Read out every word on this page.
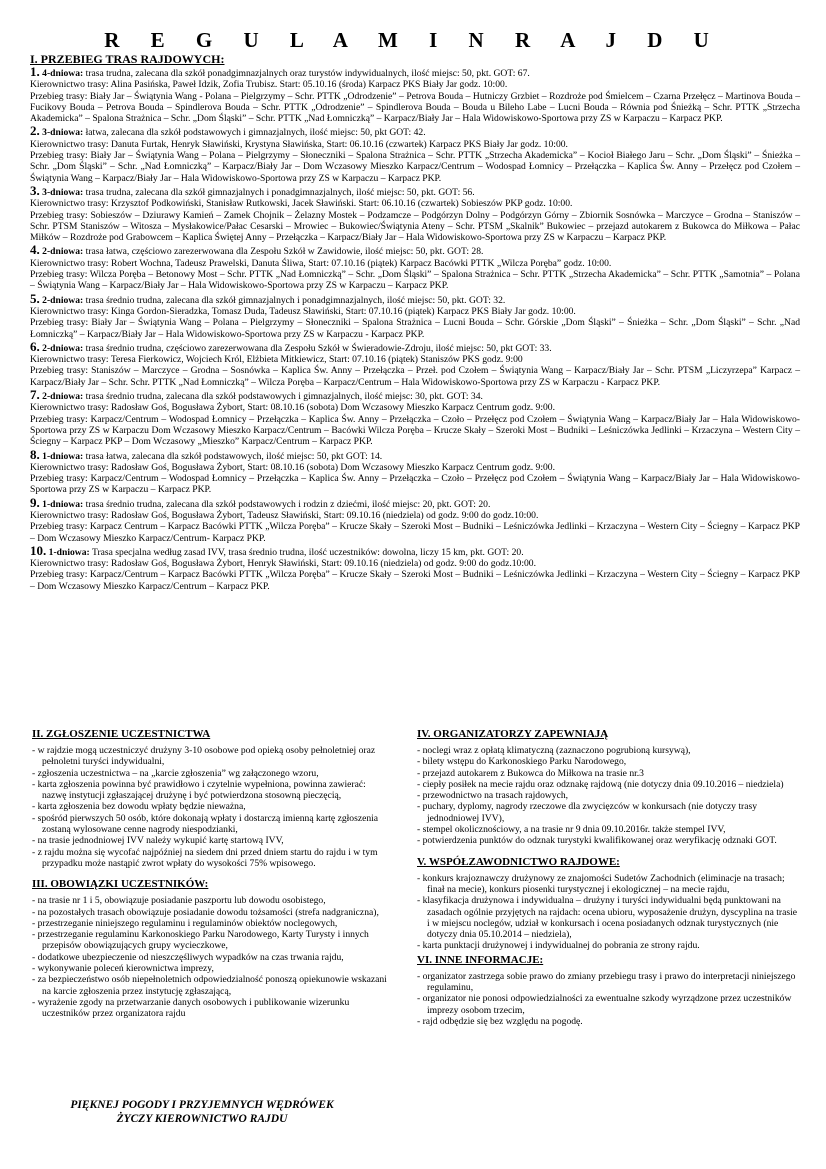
R E G U L A M I N R A J D U

I. PRZEBIEG TRAS RAJDOWYCH:

1. 4-dniowa: trasa trudna, zalecana dla szkół ponadgimnazjalnych oraz turystów indywidualnych, ilość miejsc: 50, pkt. GOT: 67.
Kierownictwo trasy: Alina Pasińska, Paweł Idzik, Zofia Trubisz. Start: 05.10.16 (środa) Karpacz PKS Biały Jar godz. 10:00.
Przebieg trasy: Biały Jar – Świątynia Wang - Polana – Pielgrzymy – Schr. PTTK „Odrodzenie” – Petrova Bouda – Hutniczy Grzbiet – Rozdroże pod Śmielcem – Czarna Przełęcz – Martinova Bouda – Fucikovy Bouda – Petrova Bouda – Spindlerova Bouda – Schr. PTTK „Odrodzenie” – Spindlerova Bouda – Bouda u Bileho Labe – Lucni Bouda – Równia pod Śnieżką – Schr. PTTK „Strzecha Akademicka” – Spalona Strażnica – Schr. „Dom Śląski” – Schr. PTTK „Nad Łomniczką” – Karpacz/Biały Jar – Hala Widowiskowo-Sportowa przy ZS w Karpaczu – Karpacz PKP.

2. 3-dniowa: łatwa, zalecana dla szkół podstawowych i gimnazjalnych, ilość miejsc: 50, pkt GOT: 42.
Kierownictwo trasy: Danuta Furtak, Henryk Sławiński, Krystyna Sławińska, Start: 06.10.16 (czwartek) Karpacz PKS Biały Jar godz. 10:00.
Przebieg trasy: Biały Jar – Świątynia Wang – Polana – Pielgrzymy – Słoneczniki – Spalona Strażnica – Schr. PTTK „Strzecha Akademicka” – Kocioł Białego Jaru – Schr. „Dom Śląski” – Śnieżka – Schr. „Dom Śląski” – Schr. „Nad Łomniczką” – Karpacz/Biały Jar – Dom Wczasowy Mieszko Karpacz/Centrum – Wodospad Łomnicy – Przełączka – Kaplica Św. Anny – Przełęcz pod Czołem – Świątynia Wang – Karpacz/Biały Jar – Hala Widowiskowo-Sportowa przy ZS w Karpaczu – Karpacz PKP.

3. 3-dniowa: trasa trudna, zalecana dla szkół gimnazjalnych i ponadgimnazjalnych, ilość miejsc: 50, pkt. GOT: 56.
Kierownictwo trasy: Krzysztof Podkowiński, Stanisław Rutkowski, Jacek Sławiński. Start: 06.10.16 (czwartek) Sobieszów PKP godz. 10:00.
Przebieg trasy: Sobieszów – Dziurawy Kamień – Zamek Chojnik – Żelazny Mostek – Podzamcze – Podgórzyn Dolny – Podgórzyn Górny – Zbiornik Sosnówka – Marczyce – Grodna – Staniszów – Schr. PTSM Staniszów – Witosza – Mysłakowice/Pałac Cesarski – Mrowiec – Bukowiec/Świątynia Ateny – Schr. PTSM „Skalnik” Bukowiec – przejazd autokarem z Bukowca do Miłkowa – Pałac Miłków – Rozdroże pod Grabowcem – Kaplica Świętej Anny – Przełączka – Karpacz/Biały Jar – Hala Widowiskowo-Sportowa przy ZS w Karpaczu – Karpacz PKP.

4. 2-dniowa: trasa łatwa, częściowo zarezerwowana dla Zespołu Szkół w Zawidowie, ilość miejsc: 50, pkt. GOT: 28.
Kierownictwo trasy: Robert Wochna, Tadeusz Prawelski, Danuta Śliwa, Start: 07.10.16 (piątek) Karpacz Bacówki PTTK „Wilcza Poręba” godz. 10:00.
Przebieg trasy: Wilcza Poręba – Betonowy Most – Schr. PTTK „Nad Łomniczką” – Schr. „Dom Śląski” – Spalona Strażnica – Schr. PTTK „Strzecha Akademicka” – Schr. PTTK „Samotnia” – Polana – Świątynia Wang – Karpacz/Biały Jar – Hala Widowiskowo-Sportowa przy ZS w Karpaczu – Karpacz PKP.

5. 2-dniowa: trasa średnio trudna, zalecana dla szkół gimnazjalnych i ponadgimnazjalnych, ilość miejsc: 50, pkt. GOT: 32.
Kierownictwo trasy: Kinga Gordon-Sieradzka, Tomasz Duda, Tadeusz Sławiński, Start: 07.10.16 (piątek) Karpacz PKS Biały Jar godz. 10:00.
Przebieg trasy: Biały Jar – Świątynia Wang – Polana – Pielgrzymy – Słoneczniki – Spalona Strażnica – Lucni Bouda – Schr. Górskie „Dom Śląski” – Śnieżka – Schr. „Dom Śląski” – Schr. „Nad Łomniczką” – Karpacz/Biały Jar – Hala Widowiskowo-Sportowa przy ZS w Karpaczu - Karpacz PKP.

6. 2-dniowa: trasa średnio trudna, częściowo zarezerwowana dla Zespołu Szkół w Świeradowie-Zdroju, ilość miejsc: 50, pkt GOT: 33.
Kierownictwo trasy: Teresa Fierkowicz, Wojciech Król, Elżbieta Mitkiewicz, Start: 07.10.16 (piątek) Staniszów PKS godz. 9:00
Przebieg trasy: Staniszów – Marczyce – Grodna – Sosnówka – Kaplica Św. Anny – Przełączka – Przeł. pod Czołem – Świątynia Wang – Karpacz/Biały Jar – Schr. PTSM „Liczyrzepa” Karpacz – Karpacz/Biały Jar – Schr. Schr. PTTK „Nad Łomniczką” – Wilcza Poręba – Karpacz/Centrum – Hala Widowiskowo-Sportowa przy ZS w Karpaczu - Karpacz PKP.

7. 2-dniowa: trasa średnio trudna, zalecana dla szkół podstawowych i gimnazjalnych, ilość miejsc: 30, pkt. GOT: 34.
Kierownictwo trasy: Radosław Goś, Bogusława Żybort, Start: 08.10.16 (sobota) Dom Wczasowy Mieszko Karpacz Centrum godz. 9:00.
Przebieg trasy: Karpacz/Centrum – Wodospad Łomnicy – Przełączka – Kaplica Św. Anny – Przełączka – Czoło – Przełęcz pod Czołem – Świątynia Wang – Karpacz/Biały Jar – Hala Widowiskowo-Sportowa przy ZS w Karpaczu Dom Wczasowy Mieszko Karpacz/Centrum – Bacówki Wilcza Poręba – Krucze Skały – Szeroki Most – Budniki – Leśniczówka Jedlinki – Krzaczyna – Western City – Ściegny – Karpacz PKP – Dom Wczasowy „Mieszko” Karpacz/Centrum – Karpacz PKP.

8. 1-dniowa: trasa łatwa, zalecana dla szkół podstawowych, ilość miejsc: 50, pkt GOT: 14.
Kierownictwo trasy: Radosław Goś, Bogusława Żybort, Start: 08.10.16 (sobota) Dom Wczasowy Mieszko Karpacz Centrum godz. 9:00.
Przebieg trasy: Karpacz/Centrum – Wodospad Łomnicy – Przełączka – Kaplica Św. Anny – Przełączka – Czoło – Przełęcz pod Czołem – Świątynia Wang – Karpacz/Biały Jar – Hala Widowiskowo-Sportowa przy ZS w Karpaczu – Karpacz PKP.

9. 1-dniowa: trasa średnio trudna, zalecana dla szkół podstawowych i rodzin z dziećmi, ilość miejsc: 20, pkt. GOT: 20.
Kierownictwo trasy: Radosław Goś, Bogusława Żybort, Tadeusz Sławiński, Start: 09.10.16 (niedziela) od godz. 9:00 do godz.10:00.
Przebieg trasy: Karpacz Centrum – Karpacz Bacówki PTTK „Wilcza Poręba” – Krucze Skały – Szeroki Most – Budniki – Leśniczówka Jedlinki – Krzaczyna – Western City – Ściegny – Karpacz PKP – Dom Wczasowy Mieszko Karpacz/Centrum- Karpacz PKP.

10. 1-dniowa: Trasa specjalna według zasad IVV, trasa średnio trudna, ilość uczestników: dowolna, liczy 15 km, pkt. GOT: 20.
Kierownictwo trasy: Radosław Goś, Bogusława Żybort, Henryk Sławiński, Start: 09.10.16 (niedziela) od godz. 9:00 do godz.10:00.
Przebieg trasy: Karpacz/Centrum – Karpacz Bacówki PTTK „Wilcza Poręba” – Krucze Skały – Szeroki Most – Budniki – Leśniczówka Jedlinki – Krzaczyna – Western City – Ściegny – Karpacz PKP – Dom Wczasowy Mieszko Karpacz/Centrum – Karpacz PKP.

II. ZGŁOSZENIE UCZESTNICTWA

- w rajdzie mogą uczestniczyć drużyny 3-10 osobowe pod opieką osoby pełnoletniej oraz pełnoletni turyści indywidualni,

- zgłoszenia uczestnictwa – na „karcie zgłoszenia” wg załączonego wzoru,

- karta zgłoszenia powinna być prawidłowo i czytelnie wypełniona, powinna zawierać: nazwę instytucji zgłaszającej drużynę i być potwierdzona stosowną pieczęcią,

- karta zgłoszenia bez dowodu wpłaty będzie nieważna,

- spośród pierwszych 50 osób, które dokonają wpłaty i dostarczą imienną kartę zgłoszenia zostaną wylosowane cenne nagrody niespodzianki,

- na trasie jednodniowej IVV należy wykupić kartę startową IVV,

- z rajdu można się wycofać najpóźniej na siedem dni przed dniem startu do rajdu i w tym przypadku może nastąpić zwrot wpłaty do wysokości 75% wpisowego.

III. OBOWIĄZKI UCZESTNIKÓW:

- na trasie nr 1 i 5, obowiązuje posiadanie paszportu lub dowodu osobistego,

- na pozostałych trasach obowiązuje posiadanie dowodu tożsamości (strefa nadgraniczna),

- przestrzeganie niniejszego regulaminu i regulaminów obiektów noclegowych,

- przestrzeganie regulaminu Karkonoskiego Parku Narodowego, Karty Turysty i innych przepisów obowiązujących grupy wycieczkowe,

- dodatkowe ubezpieczenie od nieszczęśliwych wypadków na czas trwania rajdu,

- wykonywanie poleceń kierownictwa imprezy,

- za bezpieczeństwo osób niepełnoletnich odpowiedzialność ponoszą opiekunowie wskazani na karcie zgłoszenia przez instytucję zgłaszającą,

- wyrażenie zgody na przetwarzanie danych osobowych i publikowanie wizerunku uczestników przez organizatora rajdu

IV. ORGANIZATORZY ZAPEWNIAJĄ

- noclegi wraz z opłatą klimatyczną (zaznaczono pogrubioną kursywą),

- bilety wstępu do Karkonoskiego Parku Narodowego,

- przejazd autokarem z Bukowca do Miłkowa na trasie nr.3

- ciepły posiłek na mecie rajdu oraz odznakę rajdową (nie dotyczy dnia 09.10.2016 – niedziela)

- przewodnictwo na trasach rajdowych,

- puchary, dyplomy, nagrody rzeczowe dla zwycięzców w konkursach (nie dotyczy trasy jednodniowej IVV),

- stempel okolicznościowy, a na trasie nr 9 dnia 09.10.2016r. także stempel IVV,

- potwierdzenia punktów do odznak turystyki kwalifikowanej oraz weryfikację odznaki GOT.

V. WSPÓŁZAWODNICTWO RAJDOWE:

- konkurs krajoznawczy drużynowy ze znajomości Sudetów Zachodnich (eliminacje na trasach; finał na mecie), konkurs piosenki turystycznej i ekologicznej – na mecie rajdu,

- klasyfikacja drużynowa i indywidualna – drużyny i turyści indywidualni będą punktowani na zasadach ogólnie przyjętych na rajdach: ocena ubioru, wyposażenie drużyn, dyscyplina na trasie i w miejscu noclegów, udział w konkursach i ocena posiadanych odznak turystycznych (nie dotyczy dnia 05.10.2014 – niedziela),

- karta punktacji drużynowej i indywidualnej do pobrania ze strony rajdu.

VI. INNE INFORMACJE:

- organizator zastrzega sobie prawo do zmiany przebiegu trasy i prawo do interpretacji niniejszego regulaminu,

- organizator nie ponosi odpowiedzialności za ewentualne szkody wyrządzone przez uczestników imprezy osobom trzecim,

- rajd odbędzie się bez względu na pogodę.

PIĘKNEJ POGODY I PRZYJEMNYCH WĘDRÓWEK
ŻYCZY KIEROWNICTWO RAJDU
